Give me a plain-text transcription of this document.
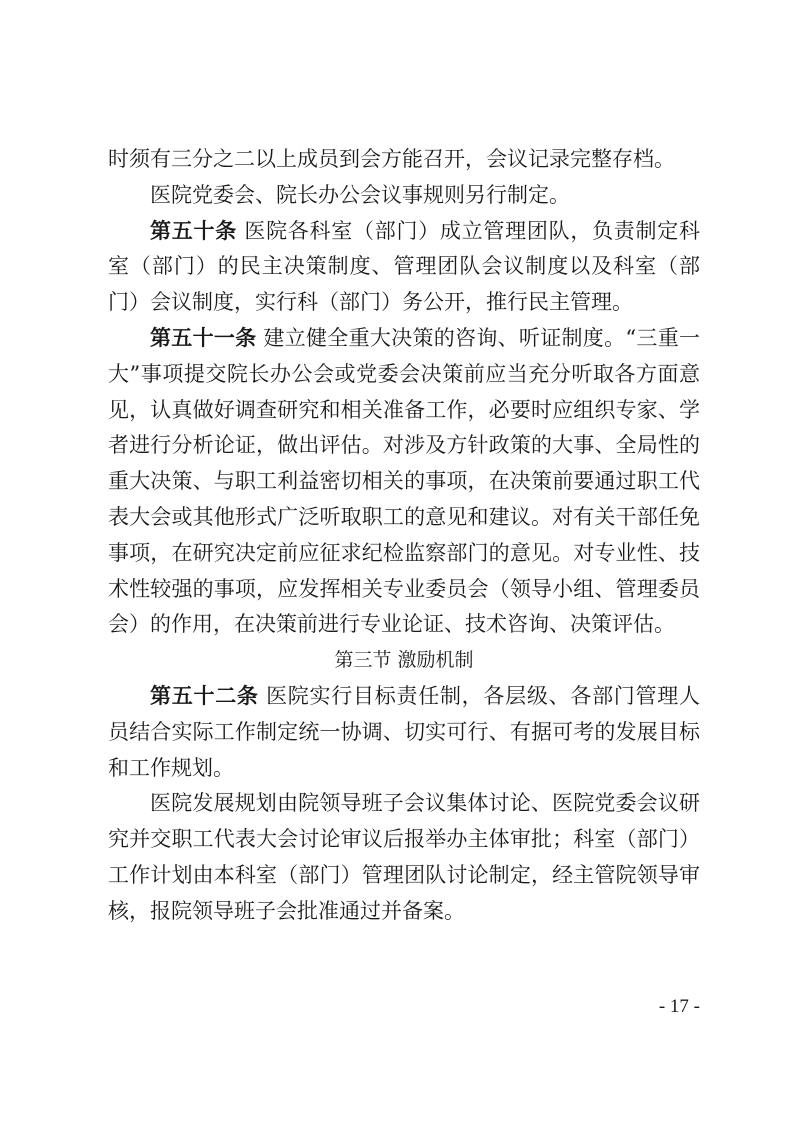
时须有三分之二以上成员到会方能召开，会议记录完整存档。

医院党委会、院长办公会议事规则另行制定。

第五十条 医院各科室（部门）成立管理团队，负责制定科室（部门）的民主决策制度、管理团队会议制度以及科室（部门）会议制度，实行科（部门）务公开，推行民主管理。

第五十一条 建立健全重大决策的咨询、听证制度。“三重一大”事项提交院长办公会或党委会决策前应当充分听取各方面意见，认真做好调查研究和相关准备工作，必要时应组织专家、学者进行分析论证，做出评估。对涉及方针政策的大事、全局性的重大决策、与职工利益密切相关的事项，在决策前要通过职工代表大会或其他形式广泛听取职工的意见和建议。对有关干部任免事项，在研究决定前应征求纪检监察部门的意见。对专业性、技术性较强的事项，应发挥相关专业委员会（领导小组、管理委员会）的作用，在决策前进行专业论证、技术咨询、决策评估。

第三节 激励机制

第五十二条 医院实行目标责任制，各层级、各部门管理人员结合实际工作制定统一协调、切实可行、有据可考的发展目标和工作规划。

医院发展规划由院领导班子会议集体讨论、医院党委会议研究并交职工代表大会讨论审议后报举办主体审批；科室（部门）工作计划由本科室（部门）管理团队讨论制定，经主管院领导审核，报院领导班子会批准通过并备案。

- 17 -
